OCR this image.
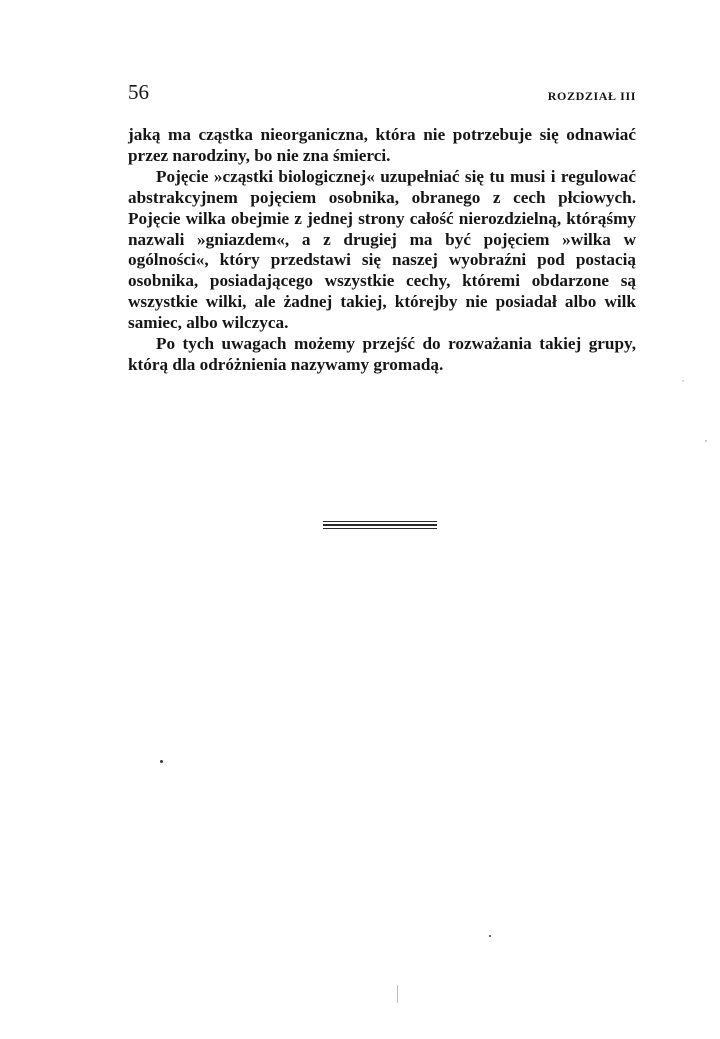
56	ROZDZIAŁ III

jaką ma cząstka nieorganiczna, która nie potrzebuje się odnawiać przez narodziny, bo nie zna śmierci.

Pojęcie »cząstki biologicznej« uzupełniać się tu musi i regulować abstrakcyjnem pojęciem osobnika, obranego z cech płciowych. Pojęcie wilka obejmie z jednej strony całość nierozdzielną, którąśmy nazwali »gniazdem«, a z drugiej ma być pojęciem »wilka w ogólności«, który przedstawi się naszej wyobraźni pod postacią osobnika, posiadającego wszystkie cechy, któremi obdarzone są wszystkie wilki, ale żadnej takiej, którejby nie posiadał albo wilk samiec, albo wilczyca.

Po tych uwagach możemy przejść do rozważania takiej grupy, którą dla odróżnienia nazywamy gromadą.
